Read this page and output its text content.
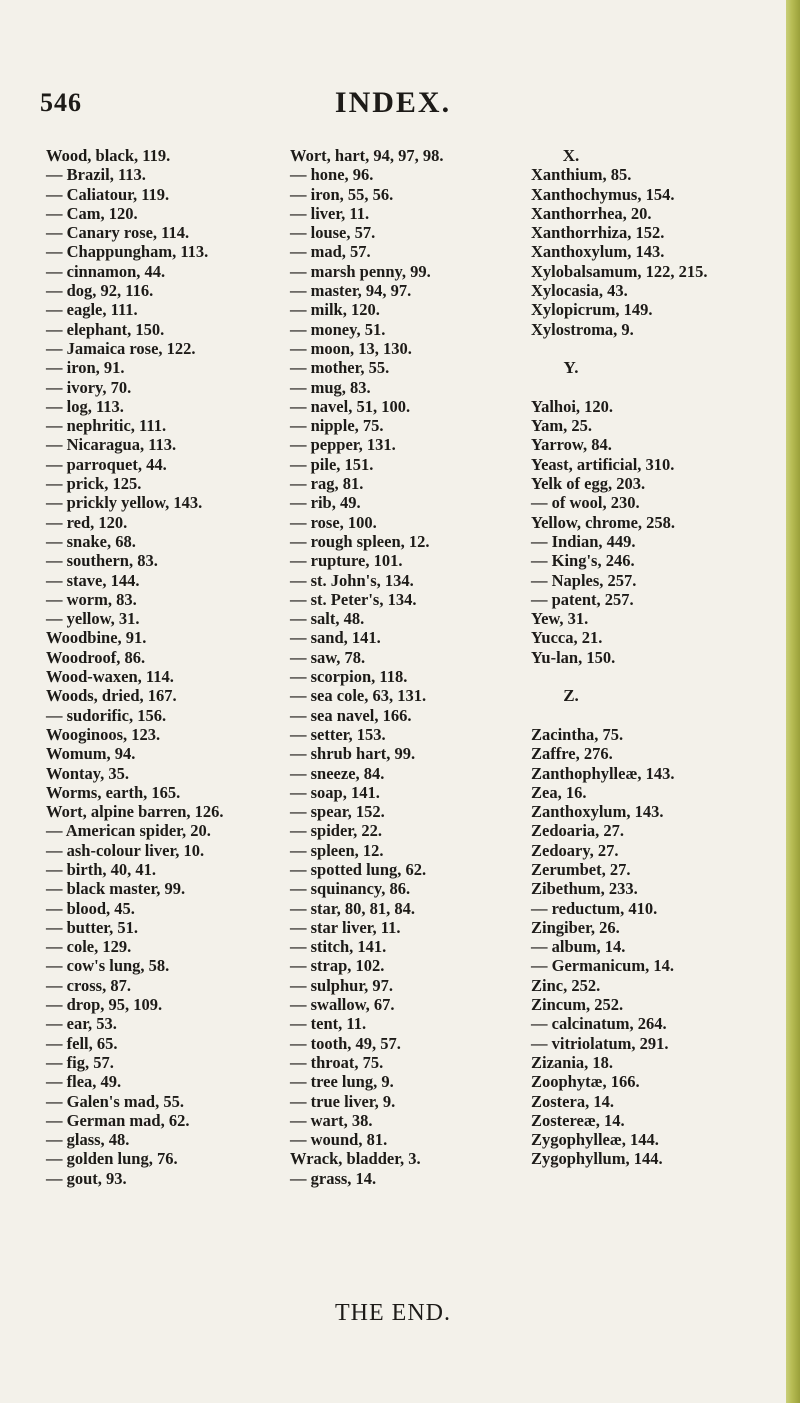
546	INDEX.
Wood, black, 119.
— Brazil, 113.
— Caliatour, 119.
— Cam, 120.
— Canary rose, 114.
— Chappungham, 113.
— cinnamon, 44.
— dog, 92, 116.
— eagle, 111.
— elephant, 150.
— Jamaica rose, 122.
— iron, 91.
— ivory, 70.
— log, 113.
— nephritic, 111.
— Nicaragua, 113.
— parroquet, 44.
— prick, 125.
— prickly yellow, 143.
— red, 120.
— snake, 68.
— southern, 83.
— stave, 144.
— worm, 83.
— yellow, 31.
Woodbine, 91.
Woodroof, 86.
Wood-waxen, 114.
Woods, dried, 167.
— sudorific, 156.
Wooginoos, 123.
Womum, 94.
Wontay, 35.
Worms, earth, 165.
Wort, alpine barren, 126.
— American spider, 20.
— ash-colour liver, 10.
— birth, 40, 41.
— black master, 99.
— blood, 45.
— butter, 51.
— cole, 129.
— cow's lung, 58.
— cross, 87.
— drop, 95, 109.
— ear, 53.
— fell, 65.
— fig, 57.
— flea, 49.
— Galen's mad, 55.
— German mad, 62.
— glass, 48.
— golden lung, 76.
— gout, 93.
Wort, hart, 94, 97, 98.
— hone, 96.
— iron, 55, 56.
— liver, 11.
— louse, 57.
— mad, 57.
— marsh penny, 99.
— master, 94, 97.
— milk, 120.
— money, 51.
— moon, 13, 130.
— mother, 55.
— mug, 83.
— navel, 51, 100.
— nipple, 75.
— pepper, 131.
— pile, 151.
— rag, 81.
— rib, 49.
— rose, 100.
— rough spleen, 12.
— rupture, 101.
— st. John's, 134.
— st. Peter's, 134.
— salt, 48.
— sand, 141.
— saw, 78.
— scorpion, 118.
— sea cole, 63, 131.
— sea navel, 166.
— setter, 153.
— shrub hart, 99.
— sneeze, 84.
— soap, 141.
— spear, 152.
— spider, 22.
— spleen, 12.
— spotted lung, 62.
— squinancy, 86.
— star, 80, 81, 84.
— star liver, 11.
— stitch, 141.
— strap, 102.
— sulphur, 97.
— swallow, 67.
— tent, 11.
— tooth, 49, 57.
— throat, 75.
— tree lung, 9.
— true liver, 9.
— wart, 38.
— wound, 81.
Wrack, bladder, 3.
— grass, 14.
X.
Xanthium, 85.
Xanthochymus, 154.
Xanthorrhea, 20.
Xanthorrhiza, 152.
Xanthoxylum, 143.
Xylobalsamum, 122, 215.
Xylocasia, 43.
Xylopicrum, 149.
Xylostroma, 9.
Y.
Yalhoi, 120.
Yam, 25.
Yarrow, 84.
Yeast, artificial, 310.
Yelk of egg, 203.
— of wool, 230.
Yellow, chrome, 258.
— Indian, 449.
— King's, 246.
— Naples, 257.
— patent, 257.
Yew, 31.
Yucca, 21.
Yu-lan, 150.
Z.
Zacintha, 75.
Zaffre, 276.
Zanthophylleæ, 143.
Zea, 16.
Zanthoxylum, 143.
Zedoaria, 27.
Zedoary, 27.
Zerumbet, 27.
Zibethum, 233.
— reductum, 410.
Zingiber, 26.
— album, 14.
— Germanicum, 14.
Zinc, 252.
Zincum, 252.
— calcinatum, 264.
— vitriolatum, 291.
Zizania, 18.
Zoophytæ, 166.
Zostera, 14.
Zostereæ, 14.
Zygophylleæ, 144.
Zygophyllum, 144.
THE END.
